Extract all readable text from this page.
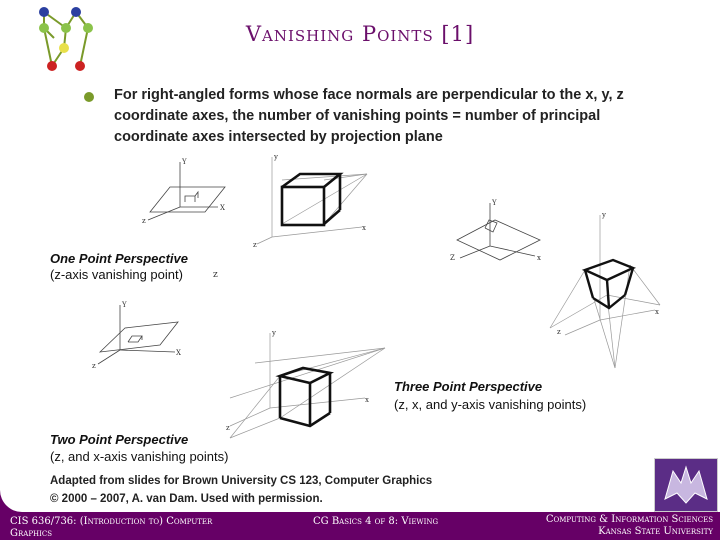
Vanishing Points [1]
For right-angled forms whose face normals are perpendicular to the x, y, z coordinate axes, the number of vanishing points = number of principal coordinate axes intersected by projection plane
Y
z
X
y
z
x
One Point Perspective
(z-axis vanishing point)	z
Y
Z	x
y
z
x
Y
z
X
y
z
x
Three Point Perspective
(z, x, and y-axis vanishing points)
Two Point Perspective
(z, and x-axis vanishing points)
Adapted from slides for Brown University CS 123, Computer Graphics
© 2000 – 2007, A. van Dam. Used with permission.
CIS 636/736: (Introduction to) Computer Graphics
CG Basics 4 of 8: Viewing	Computing & Information Sciences
Kansas State University
